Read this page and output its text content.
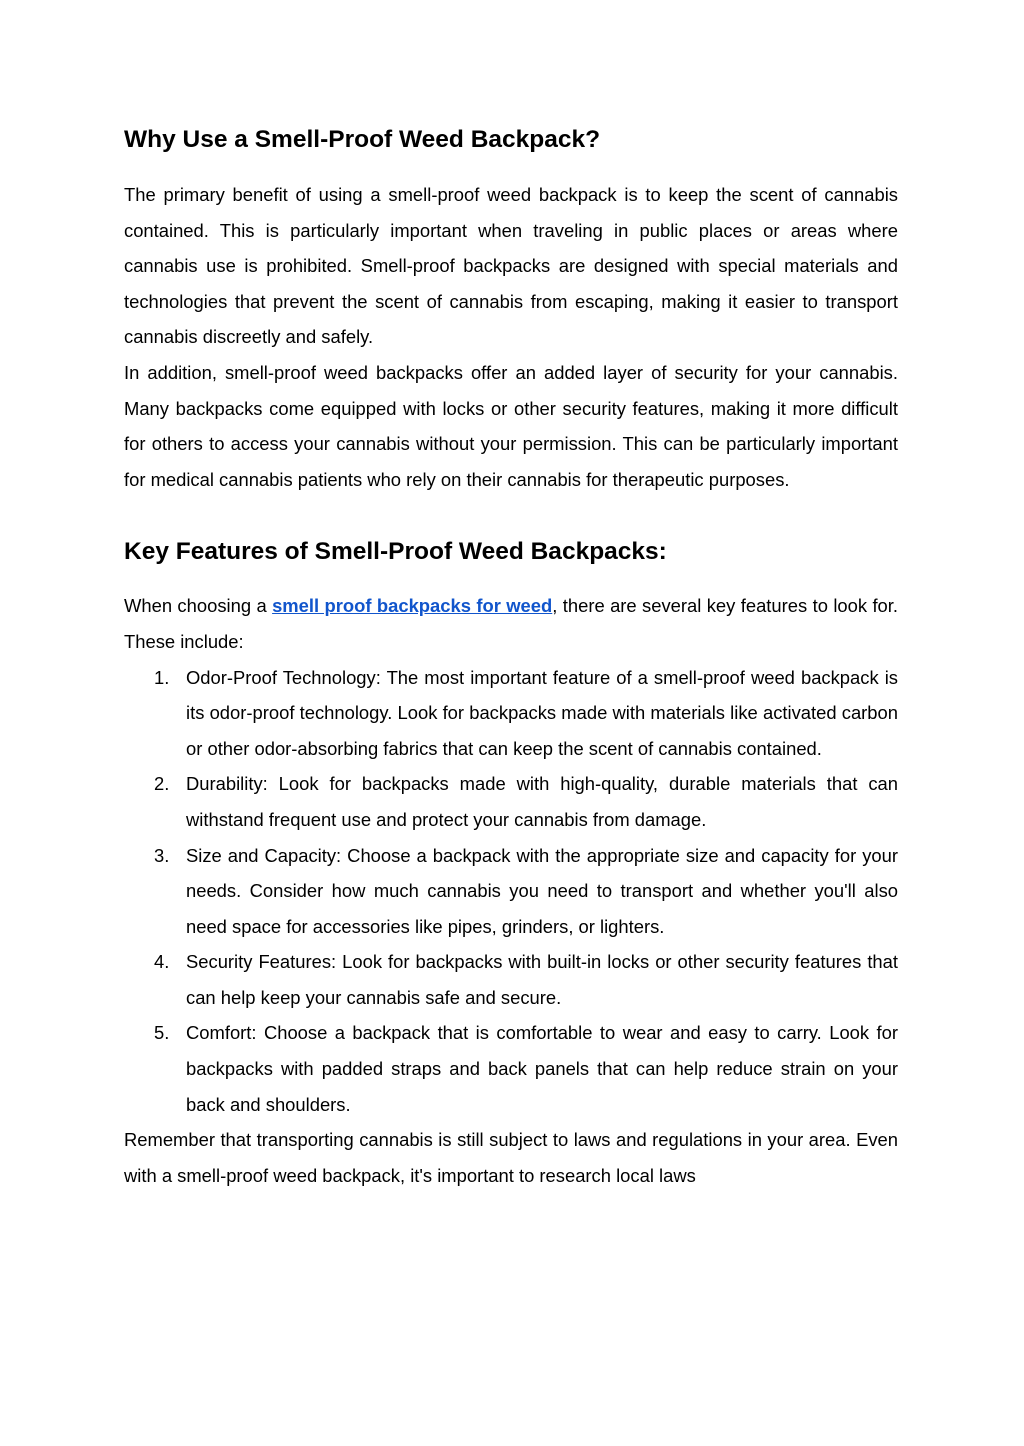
Why Use a Smell-Proof Weed Backpack?

The primary benefit of using a smell-proof weed backpack is to keep the scent of cannabis contained. This is particularly important when traveling in public places or areas where cannabis use is prohibited. Smell-proof backpacks are designed with special materials and technologies that prevent the scent of cannabis from escaping, making it easier to transport cannabis discreetly and safely.

In addition, smell-proof weed backpacks offer an added layer of security for your cannabis. Many backpacks come equipped with locks or other security features, making it more difficult for others to access your cannabis without your permission. This can be particularly important for medical cannabis patients who rely on their cannabis for therapeutic purposes.

Key Features of Smell-Proof Weed Backpacks:

When choosing a smell proof backpacks for weed, there are several key features to look for. These include:

1. Odor-Proof Technology: The most important feature of a smell-proof weed backpack is its odor-proof technology. Look for backpacks made with materials like activated carbon or other odor-absorbing fabrics that can keep the scent of cannabis contained.
2. Durability: Look for backpacks made with high-quality, durable materials that can withstand frequent use and protect your cannabis from damage.
3. Size and Capacity: Choose a backpack with the appropriate size and capacity for your needs. Consider how much cannabis you need to transport and whether you'll also need space for accessories like pipes, grinders, or lighters.
4. Security Features: Look for backpacks with built-in locks or other security features that can help keep your cannabis safe and secure.
5. Comfort: Choose a backpack that is comfortable to wear and easy to carry. Look for backpacks with padded straps and back panels that can help reduce strain on your back and shoulders.

Remember that transporting cannabis is still subject to laws and regulations in your area. Even with a smell-proof weed backpack, it's important to research local laws
